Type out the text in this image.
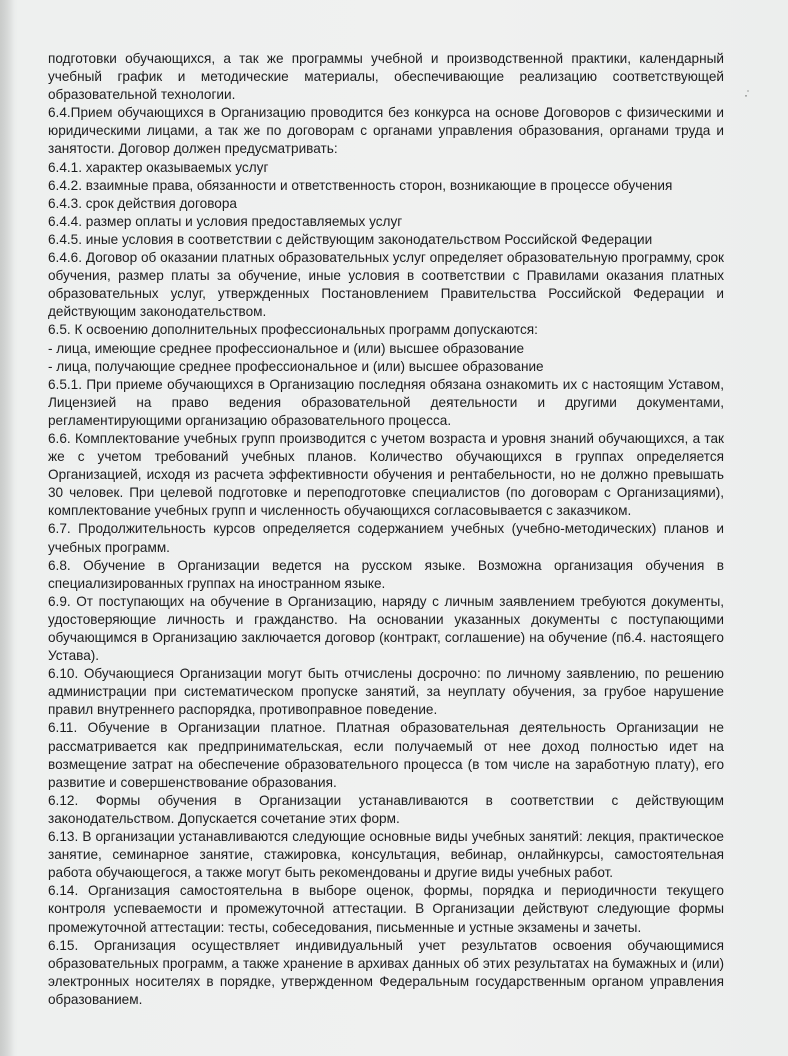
·̇

подготовки обучающихся, а так же программы учебной и производственной практики, календарный учебный график и методические материалы, обеспечивающие реализацию соответствующей образовательной технологии.

6.4.Прием обучающихся в Организацию проводится без конкурса на основе Договоров с физическими и юридическими лицами, а так же по договорам с органами управления образования, органами труда и занятости. Договор должен предусматривать:

6.4.1. характер оказываемых услуг

6.4.2. взаимные права, обязанности и ответственность сторон, возникающие в процессе обучения

6.4.3. срок действия договора

6.4.4. размер оплаты и условия предоставляемых услуг

6.4.5. иные условия в соответствии с действующим законодательством Российской Федерации

6.4.6. Договор об оказании платных образовательных услуг определяет образовательную программу, срок обучения, размер платы за обучение, иные условия в соответствии с Правилами оказания платных образовательных услуг, утвержденных Постановлением Правительства Российской Федерации и действующим законодательством.

6.5. К освоению дополнительных профессиональных программ допускаются:

- лица, имеющие среднее профессиональное и (или) высшее образование

- лица, получающие среднее профессиональное и (или) высшее образование

6.5.1. При приеме обучающихся в Организацию последняя обязана ознакомить их с настоящим Уставом, Лицензией на право ведения образовательной деятельности и другими документами, регламентирующими организацию образовательного процесса.

6.6. Комплектование учебных групп производится с учетом возраста и уровня знаний обучающихся, а так же с учетом требований учебных планов. Количество обучающихся в группах определяется Организацией, исходя из расчета эффективности обучения и рентабельности, но не должно превышать 30 человек. При целевой подготовке и переподготовке специалистов (по договорам с Организациями), комплектование учебных групп и численность обучающихся согласовывается с заказчиком.

6.7. Продолжительность курсов определяется содержанием учебных (учебно-методических) планов и учебных программ.

6.8. Обучение в Организации ведется на русском языке. Возможна организация обучения в специализированных группах на иностранном языке.

6.9. От поступающих на обучение в Организацию, наряду с личным заявлением требуются документы, удостоверяющие личность и гражданство. На основании указанных документы с поступающими обучающимся в Организацию заключается договор (контракт, соглашение) на обучение (п6.4. настоящего Устава).

6.10. Обучающиеся Организации могут быть отчислены досрочно: по личному заявлению, по решению администрации при систематическом пропуске занятий, за неуплату обучения, за грубое нарушение правил внутреннего распорядка, противоправное поведение.

6.11. Обучение в Организации платное. Платная образовательная деятельность Организации не рассматривается как предпринимательская, если получаемый от нее доход полностью идет на возмещение затрат на обеспечение образовательного процесса (в том числе на заработную плату), его развитие и совершенствование образования.

6.12. Формы обучения в Организации устанавливаются в соответствии с действующим законодательством. Допускается сочетание этих форм.

6.13. В организации устанавливаются следующие основные виды учебных занятий: лекция, практическое занятие, семинарное занятие, стажировка, консультация, вебинар, онлайнкурсы, самостоятельная работа обучающегося, а также могут быть рекомендованы и другие виды учебных работ.

6.14. Организация самостоятельна в выборе оценок, формы, порядка и периодичности текущего контроля успеваемости и промежуточной аттестации. В Организации действуют следующие формы промежуточной аттестации: тесты, собеседования, письменные и устные экзамены и зачеты.

6.15. Организация осуществляет индивидуальный учет результатов освоения обучающимися образовательных программ, а также хранение в архивах данных об этих результатах на бумажных и (или) электронных носителях в порядке, утвержденном Федеральным государственным органом управления образованием.
